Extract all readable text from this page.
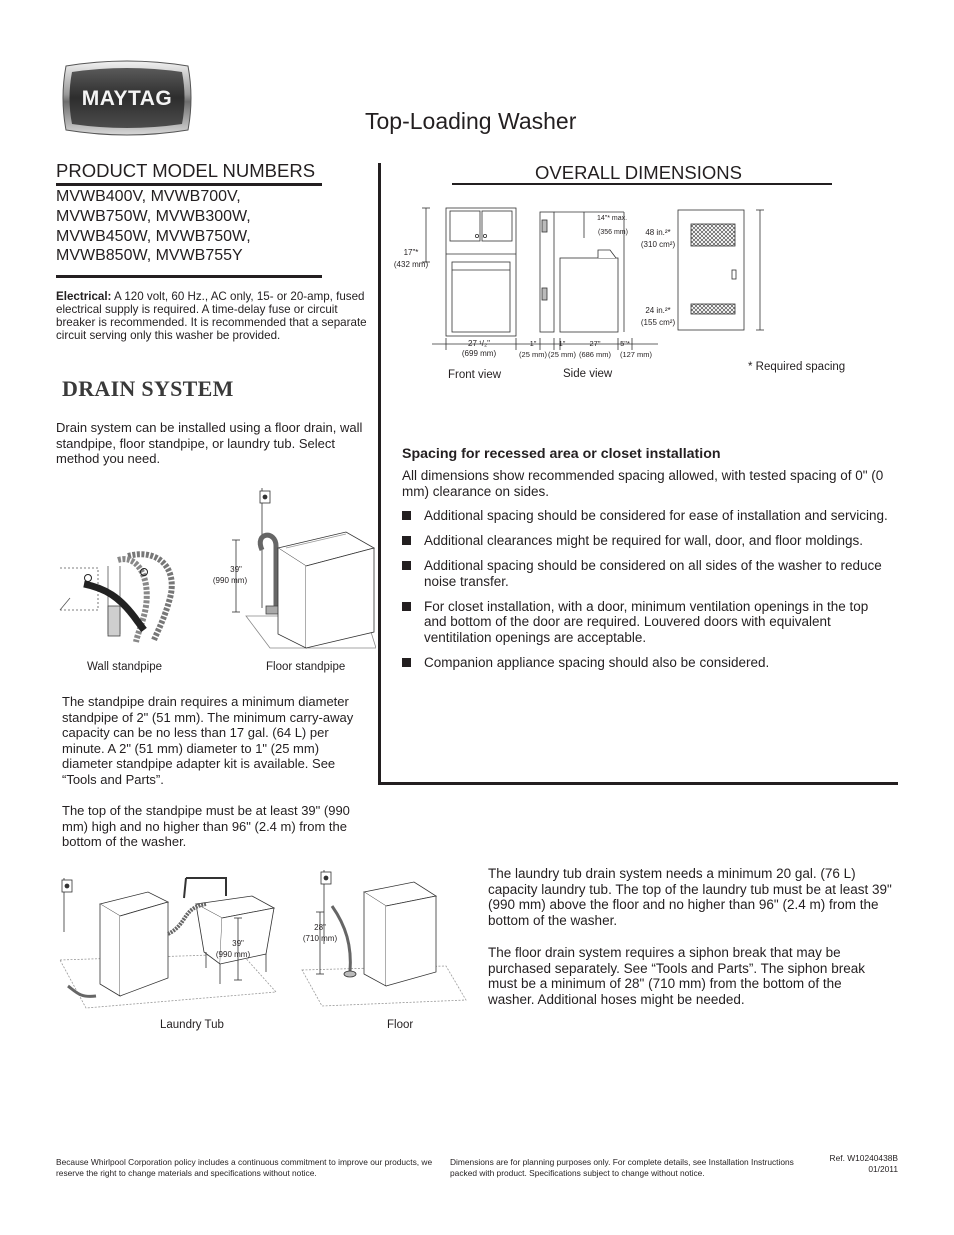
MAYTAG
Top-Loading Washer
PRODUCT MODEL NUMBERS
MVWB400V, MVWB700V,
MVWB750W, MVWB300W,
MVWB450W, MVWB750W,
MVWB850W, MVWB755Y
Electrical: A 120 volt, 60 Hz., AC only, 15- or 20-amp, fused electrical supply is required. A time-delay fuse or circuit breaker is recommended. It is recommended that a separate circuit serving only this washer be provided.
DRAIN SYSTEM
Drain system can be installed using a floor drain, wall standpipe, floor standpipe, or laundry tub. Select method you need.
Wall standpipe
39"
(990 mm)
Floor standpipe
The standpipe drain requires a minimum diameter standpipe of 2" (51 mm). The minimum carry-away capacity can be no less than 17 gal. (64 L) per minute. A 2" (51 mm) diameter to 1" (25 mm) diameter standpipe adapter kit is available. See “Tools and Parts”.
The top of the standpipe must be at least 39" (990 mm) high and no higher than 96" (2.4 m) from the bottom of the washer.
OVERALL DIMENSIONS
17"*
(432 mm)
27 ¹/₂"
(699 mm)
Front view
14"* max.
(356 mm)
1"
(25 mm)
1"
(25 mm)
27"
(686 mm)
5"*
(127 mm)
Side view
48 in.²*
(310 cm²)
24 in.²*
(155 cm²)
* Required spacing
Spacing for recessed area or closet installation
All dimensions show recommended spacing allowed, with tested spacing of 0" (0 mm) clearance on sides.
Additional spacing should be considered for ease of installation and servicing.
Additional clearances might be required for wall, door, and floor moldings.
Additional spacing should be considered on all sides of the washer to reduce noise transfer.
For closet installation, with a door, minimum ventilation openings in the top and bottom of the door are required. Louvered doors with equivalent ventitilation openings are acceptable.
Companion appliance spacing should also be considered.
39"
(990 mm)
Laundry Tub
28"
(710 mm)
Floor
The laundry tub drain system needs a minimum 20 gal. (76 L) capacity laundry tub. The top of the laundry tub must be at least 39" (990 mm) above the floor and no higher than 96" (2.4 m) from the bottom of the washer.
The floor drain system requires a siphon break that may be purchased separately. See “Tools and Parts”. The siphon break must be a minimum of 28" (710 mm) from the bottom of the washer. Additional hoses might be needed.
Because Whirlpool Corporation policy includes a continuous commitment to improve our products, we reserve the right to change materials and specifications without notice.
Dimensions are for planning purposes only. For complete details, see Installation Instructions packed with product. Specifications subject to change without notice.
Ref. W10240438B
01/2011
